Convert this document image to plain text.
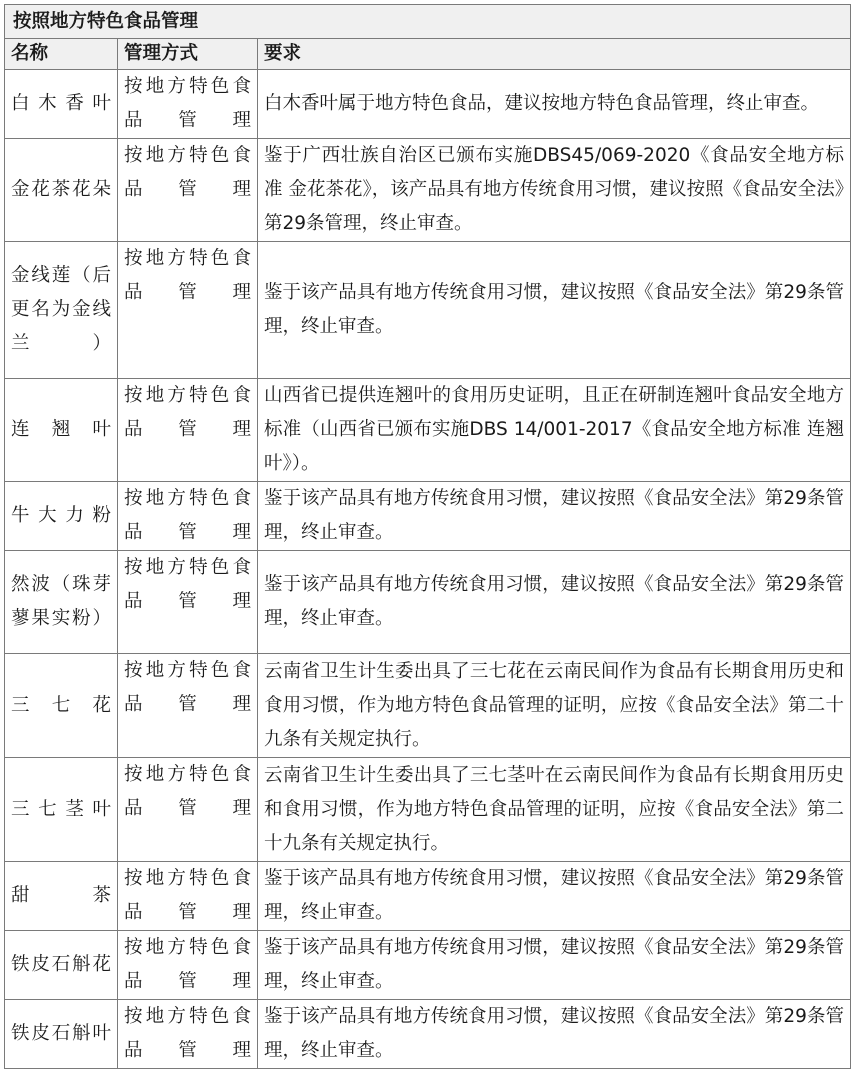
按照地方特色食品管理		
名称	管理方式	要求
白木香叶	按地方特色食品管理	白木香叶属于地方特色食品，建议按地方特色食品管理，终止审查。
金花茶花朵	按地方特色食品管理	鉴于广西壮族自治区已颁布实施DBS45/069-2020《食品安全地方标准 金花茶花》，该产品具有地方传统食用习惯，建议按照《食品安全法》第29条管理，终止审查。
金线莲（后更名为金线兰）	按地方特色食品管理	鉴于该产品具有地方传统食用习惯，建议按照《食品安全法》第29条管理，终止审查。
连翘叶	按地方特色食品管理	山西省已提供连翘叶的食用历史证明，且正在研制连翘叶食品安全地方标准（山西省已颁布实施DBS 14/001-2017《食品安全地方标准 连翘叶》）。
牛大力粉	按地方特色食品管理	鉴于该产品具有地方传统食用习惯，建议按照《食品安全法》第29条管理，终止审查。
然波（珠芽蓼果实粉）	按地方特色食品管理	鉴于该产品具有地方传统食用习惯，建议按照《食品安全法》第29条管理，终止审查。
三七花	按地方特色食品管理	云南省卫生计生委出具了三七花在云南民间作为食品有长期食用历史和食用习惯，作为地方特色食品管理的证明，应按《食品安全法》第二十九条有关规定执行。
三七茎叶	按地方特色食品管理	云南省卫生计生委出具了三七茎叶在云南民间作为食品有长期食用历史和食用习惯，作为地方特色食品管理的证明，应按《食品安全法》第二十九条有关规定执行。
甜茶	按地方特色食品管理	鉴于该产品具有地方传统食用习惯，建议按照《食品安全法》第29条管理，终止审查。
铁皮石斛花	按地方特色食品管理	鉴于该产品具有地方传统食用习惯，建议按照《食品安全法》第29条管理，终止审查。
铁皮石斛叶	按地方特色食品管理	鉴于该产品具有地方传统食用习惯，建议按照《食品安全法》第29条管理，终止审查。
